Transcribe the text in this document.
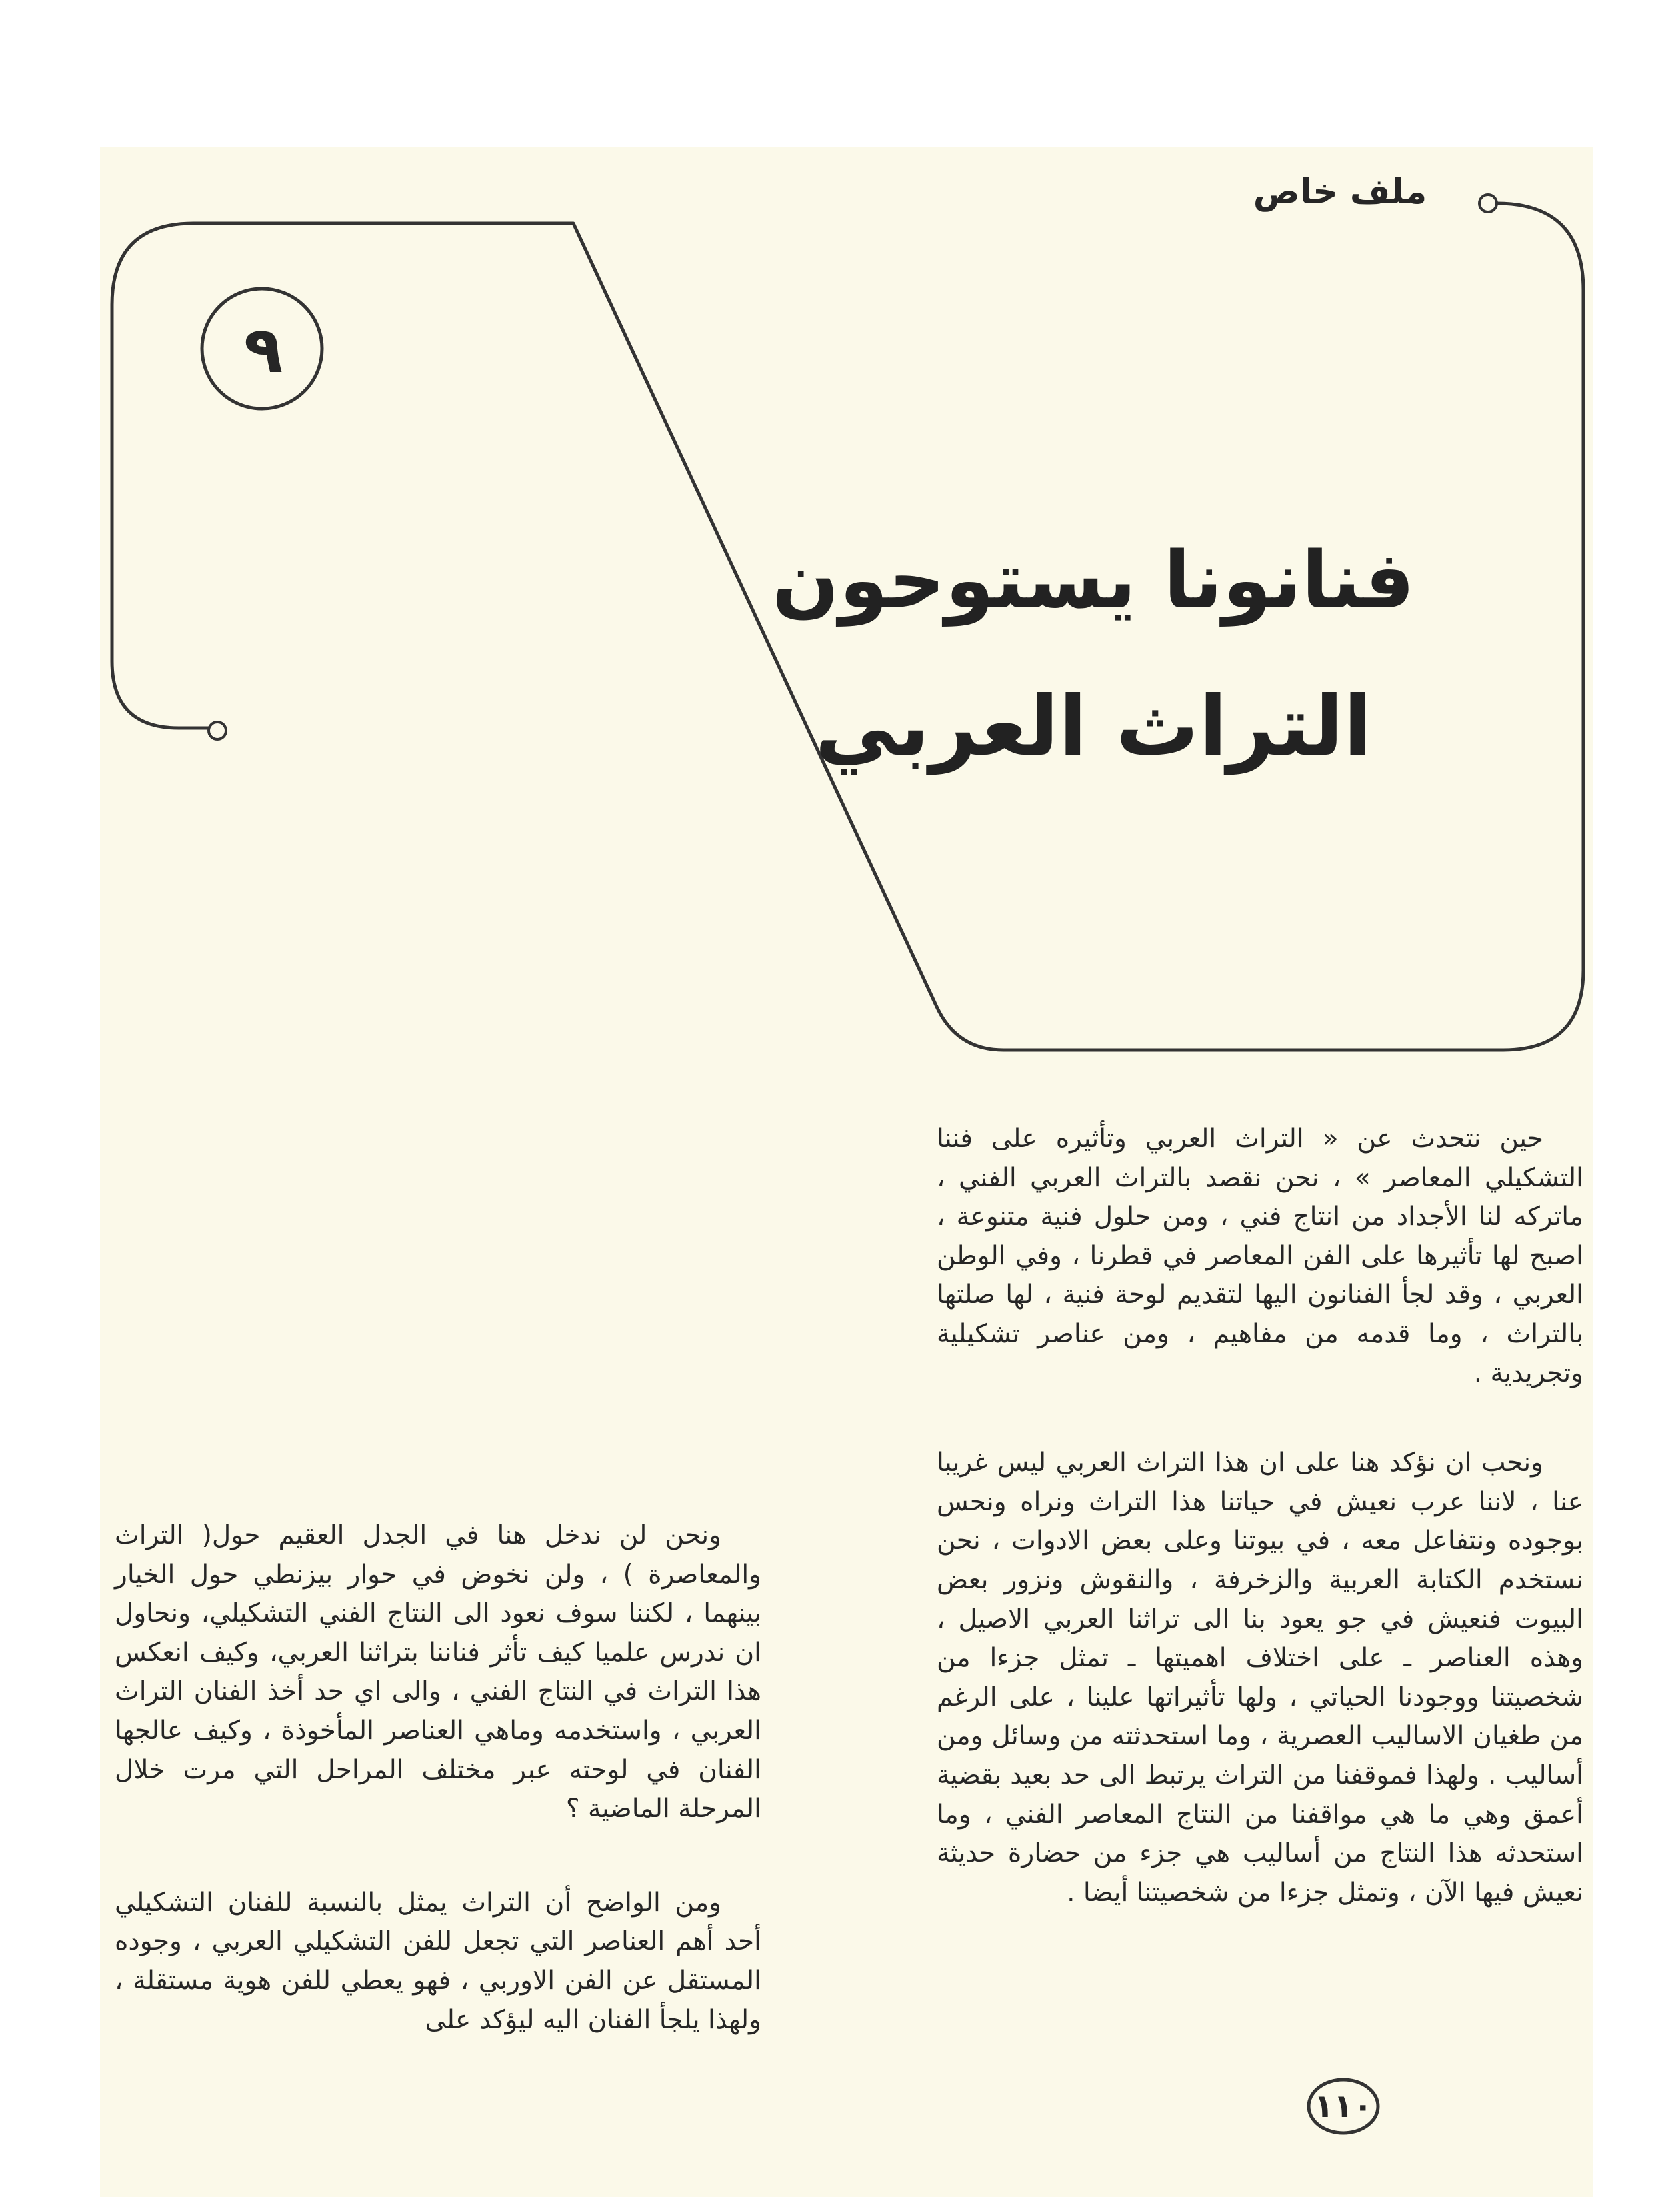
ملف خاص
٩
فنانونا يستوحون
التراث العربي

حين نتحدث عن « التراث العربي وتأثيره على فننا التشكيلي المعاصر » ، نحن نقصد بالتراث العربي الفني ، ماتركه لنا الأجداد من انتاج فني ، ومن حلول فنية متنوعة ، اصبح لها تأثيرها على الفن المعاصر في قطرنا ، وفي الوطن العربي ، وقد لجأ الفنانون اليها لتقديم لوحة فنية ، لها صلتها بالتراث ، وما قدمه من مفاهيم ، ومن عناصر تشكيلية وتجريدية .

ونحب ان نؤكد هنا على ان هذا التراث العربي ليس غريبا عنا ، لاننا عرب نعيش في حياتنا هذا التراث ونراه ونحس بوجوده ونتفاعل معه ، في بيوتنا وعلى بعض الادوات ، نحن نستخدم الكتابة العربية والزخرفة ، والنقوش ونزور بعض البيوت فنعيش في جو يعود بنا الى تراثنا العربي الاصيل ، وهذه العناصر ـ على اختلاف اهميتها ـ تمثل جزءا من شخصيتنا ووجودنا الحياتي ، ولها تأثيراتها علينا ، على الرغم من طغيان الاساليب العصرية ، وما استحدثته من وسائل ومن أساليب . ولهذا فموقفنا من التراث يرتبط الى حد بعيد بقضية أعمق وهي ما هي مواقفنا من النتاج المعاصر الفني ، وما استحدثه هذا النتاج من أساليب هي جزء من حضارة حديثة نعيش فيها الآن ، وتمثل جزءا من شخصيتنا أيضا .

ونحن لن ندخل هنا في الجدل العقيم حول( التراث والمعاصرة ) ، ولن نخوض في حوار بيزنطي حول الخيار بينهما ، لكننا سوف نعود الى النتاج الفني التشكيلي، ونحاول ان ندرس علميا كيف تأثر فناننا بتراثنا العربي، وكيف انعكس هذا التراث في النتاج الفني ، والى اي حد أخذ الفنان التراث العربي ، واستخدمه وماهي العناصر المأخوذة ، وكيف عالجها الفنان في لوحته عبر مختلف المراحل التي مرت خلال المرحلة الماضية ؟

ومن الواضح أن التراث يمثل بالنسبة للفنان التشكيلي أحد أهم العناصر التي تجعل للفن التشكيلي العربي ، وجوده المستقل عن الفن الاوربي ، فهو يعطي للفن هوية مستقلة ، ولهذا يلجأ الفنان اليه ليؤكد على

١١٠
